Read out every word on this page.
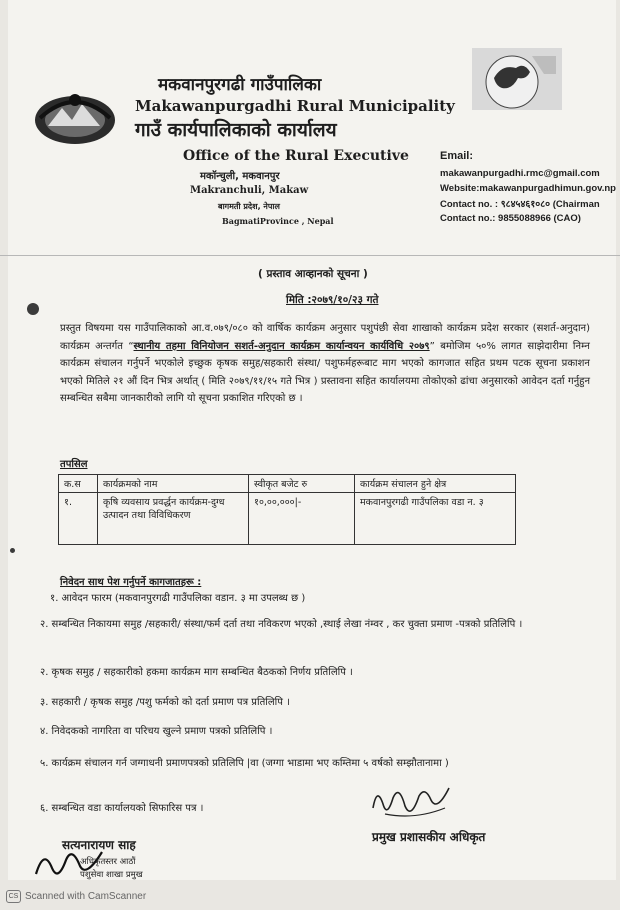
मकवानपुरगढी गाउँपालिका
Makawanpurgadhi Rural Municipality
गाउँ कार्यपालिकाको कार्यालय
Office of the Rural Executive
मकॉन्चुली, मकवानपुर
Makranchuli, Makaw
बागमती प्रदेश, नेपाल
BagmatiProvince , Nepal
Email:
makawanpurgadhi.rmc@gmail.com
Website:makawanpurgadhimun.gov.np
Contact no. : ९८४५४६१०८० (Chairman
Contact no.: 9855088966 (CAO)
( प्रस्ताव आव्हानको सूचना )
मिति :२०७९/१०/२३ गते
प्रस्तुत विषयमा यस गाउँपालिकाको आ.व.०७९/०८० को वार्षिक कार्यक्रम अनुसार पशुपंछी सेवा शाखाको कार्यक्रम प्रदेश सरकार (सशर्त-अनुदान) कार्यक्रम अन्तर्गत “स्थानीय तहमा विनियोजन सशर्त-अनुदान कार्यक्रम कार्यान्वयन कार्यविधि २०७९” बमोजिम ५०% लागत साझेदारीमा निम्न कार्यक्रम संचालन गर्नुपर्ने भएकोले इच्छुक कृषक समुह/सहकारी संस्था/ पशुफर्महरूबाट माग भएको कागजात सहित प्रथम पटक सूचना प्रकाशन भएको मितिले २१ औं दिन भित्र अर्थात् ( मिति २०७९/११/१५ गते भित्र ) प्रस्तावना सहित कार्यालयमा तोकोएको ढांचा अनुसारको आवेदन दर्ता गर्नुहुन सम्बन्धित सबैमा जानकारीको लागि यो सूचना प्रकाशित गरिएको छ ।
तपसिल
क.स	कार्यक्रमको नाम	स्वीकृत बजेट रु	कार्यक्रम संचालन हुने क्षेत्र
१.	कृषि व्यवसाय प्रवर्द्धन कार्यक्रम-दुग्ध उत्पादन तथा विविधिकरण	१०,००,०००|-	मकवानपुरगढी गाउँपलिका वडा न. ३
निवेदन साथ पेश गर्नुपर्ने कागजातहरू :
१. आवेदन फारम (मकवानपुरगढी गाउँपलिका वडान. ३ मा उपलब्ध छ )
२. सम्बन्धित निकायमा समुह /सहकारी/ संस्था/फर्म दर्ता तथा नविकरण भएको ,स्थाई लेखा नंम्वर , कर चुक्ता प्रमाण -पत्रको प्रतिलिपि ।
२. कृषक समुह / सहकारीको हकमा कार्यक्रम माग सम्बन्धित बैठकको निर्णय प्रतिलिपि ।
३. सहकारी / कृषक समुह /पशु फर्मको को दर्ता प्रमाण पत्र प्रतिलिपि ।
४. निवेदकको नागरिता वा परिचय खुल्ने प्रमाण पत्रको प्रतिलिपि ।
५. कार्यक्रम संचालन गर्न जग्गाधनी प्रमाणपत्रको प्रतिलिपि |वा (जग्गा भाडामा भए कम्तिमा ५ वर्षको सम्झौतानामा )
६. सम्बन्धित वडा कार्यालयको सिफारिस पत्र ।
प्रमुख प्रशासकीय अधिकृत
सत्यनारायण साह
अधिकृतस्तर आठौं
पशुसेवा शाखा प्रमुख
CS Scanned with CamScanner
